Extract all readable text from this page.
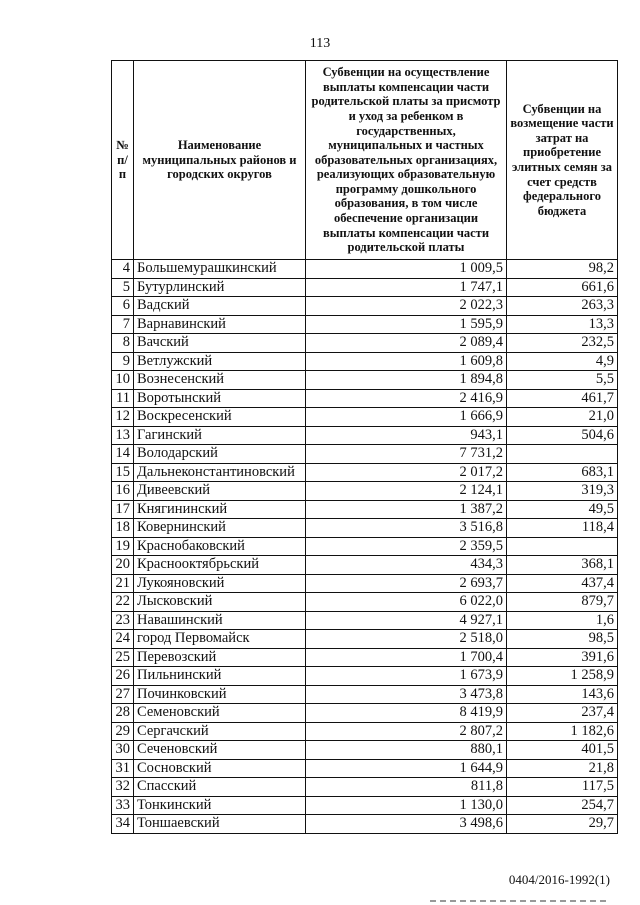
113
№ п/п	Наименование муниципальных районов и городских округов	Субвенции на осуществление выплаты компенсации части родительской платы за присмотр и уход за ребенком в государственных, муниципальных и частных образовательных организациях, реализующих образовательную программу дошкольного образования, в том числе обеспечение организации выплаты компенсации части родительской платы	Субвенции на возмещение части затрат на приобретение элитных семян за счет средств федерального бюджета
4	Большемурашкинский	1 009,5	98,2
5	Бутурлинский	1 747,1	661,6
6	Вадский	2 022,3	263,3
7	Варнавинский	1 595,9	13,3
8	Вачский	2 089,4	232,5
9	Ветлужский	1 609,8	4,9
10	Вознесенский	1 894,8	5,5
11	Воротынский	2 416,9	461,7
12	Воскресенский	1 666,9	21,0
13	Гагинский	943,1	504,6
14	Володарский	7 731,2	
15	Дальнеконстантиновский	2 017,2	683,1
16	Дивеевский	2 124,1	319,3
17	Княгининский	1 387,2	49,5
18	Ковернинский	3 516,8	118,4
19	Краснобаковский	2 359,5	
20	Краснооктябрьский	434,3	368,1
21	Лукояновский	2 693,7	437,4
22	Лысковский	6 022,0	879,7
23	Навашинский	4 927,1	1,6
24	город Первомайск	2 518,0	98,5
25	Перевозский	1 700,4	391,6
26	Пильнинский	1 673,9	1 258,9
27	Починковский	3 473,8	143,6
28	Семеновский	8 419,9	237,4
29	Сергачский	2 807,2	1 182,6
30	Сеченовский	880,1	401,5
31	Сосновский	1 644,9	21,8
32	Спасский	811,8	117,5
33	Тонкинский	1 130,0	254,7
34	Тоншаевский	3 498,6	29,7
0404/2016-1992(1)
